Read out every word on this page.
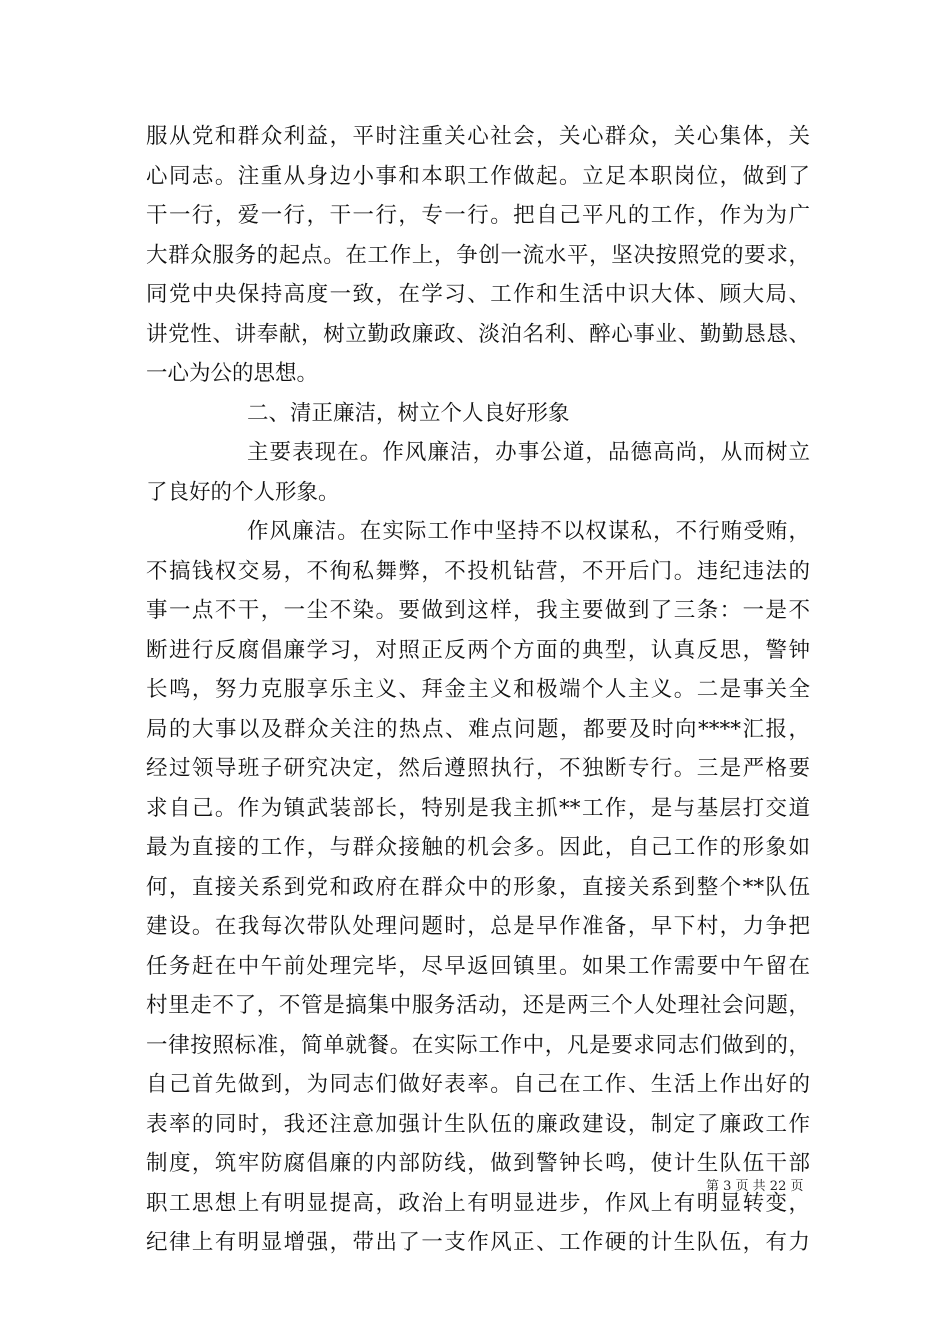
服从党和群众利益，平时注重关心社会，关心群众，关心集体，关
心同志。注重从身边小事和本职工作做起。立足本职岗位，做到了
干一行，爱一行，干一行，专一行。把自己平凡的工作，作为为广
大群众服务的起点。在工作上，争创一流水平，坚决按照党的要求，
同党中央保持高度一致，在学习、工作和生活中识大体、顾大局、
讲党性、讲奉献，树立勤政廉政、淡泊名利、醉心事业、勤勤恳恳、
一心为公的思想。
二、清正廉洁，树立个人良好形象
主要表现在。作风廉洁，办事公道，品德高尚，从而树立
了良好的个人形象。
作风廉洁。在实际工作中坚持不以权谋私，不行贿受贿，
不搞钱权交易，不徇私舞弊，不投机钻营，不开后门。违纪违法的
事一点不干，一尘不染。要做到这样，我主要做到了三条：一是不
断进行反腐倡廉学习，对照正反两个方面的典型，认真反思，警钟
长鸣，努力克服享乐主义、拜金主义和极端个人主义。二是事关全
局的大事以及群众关注的热点、难点问题，都要及时向****汇报，
经过领导班子研究决定，然后遵照执行，不独断专行。三是严格要
求自己。作为镇武装部长，特别是我主抓**工作，是与基层打交道
最为直接的工作，与群众接触的机会多。因此，自己工作的形象如
何，直接关系到党和政府在群众中的形象，直接关系到整个**队伍
建设。在我每次带队处理问题时，总是早作准备，早下村，力争把
任务赶在中午前处理完毕，尽早返回镇里。如果工作需要中午留在
村里走不了，不管是搞集中服务活动，还是两三个人处理社会问题，
一律按照标准，简单就餐。在实际工作中，凡是要求同志们做到的，
自己首先做到，为同志们做好表率。自己在工作、生活上作出好的
表率的同时，我还注意加强计生队伍的廉政建设，制定了廉政工作
制度，筑牢防腐倡廉的内部防线，做到警钟长鸣，使计生队伍干部
职工思想上有明显提高，政治上有明显进步，作风上有明显转变，
纪律上有明显增强，带出了一支作风正、工作硬的计生队伍，有力
第 3 页 共 22 页
